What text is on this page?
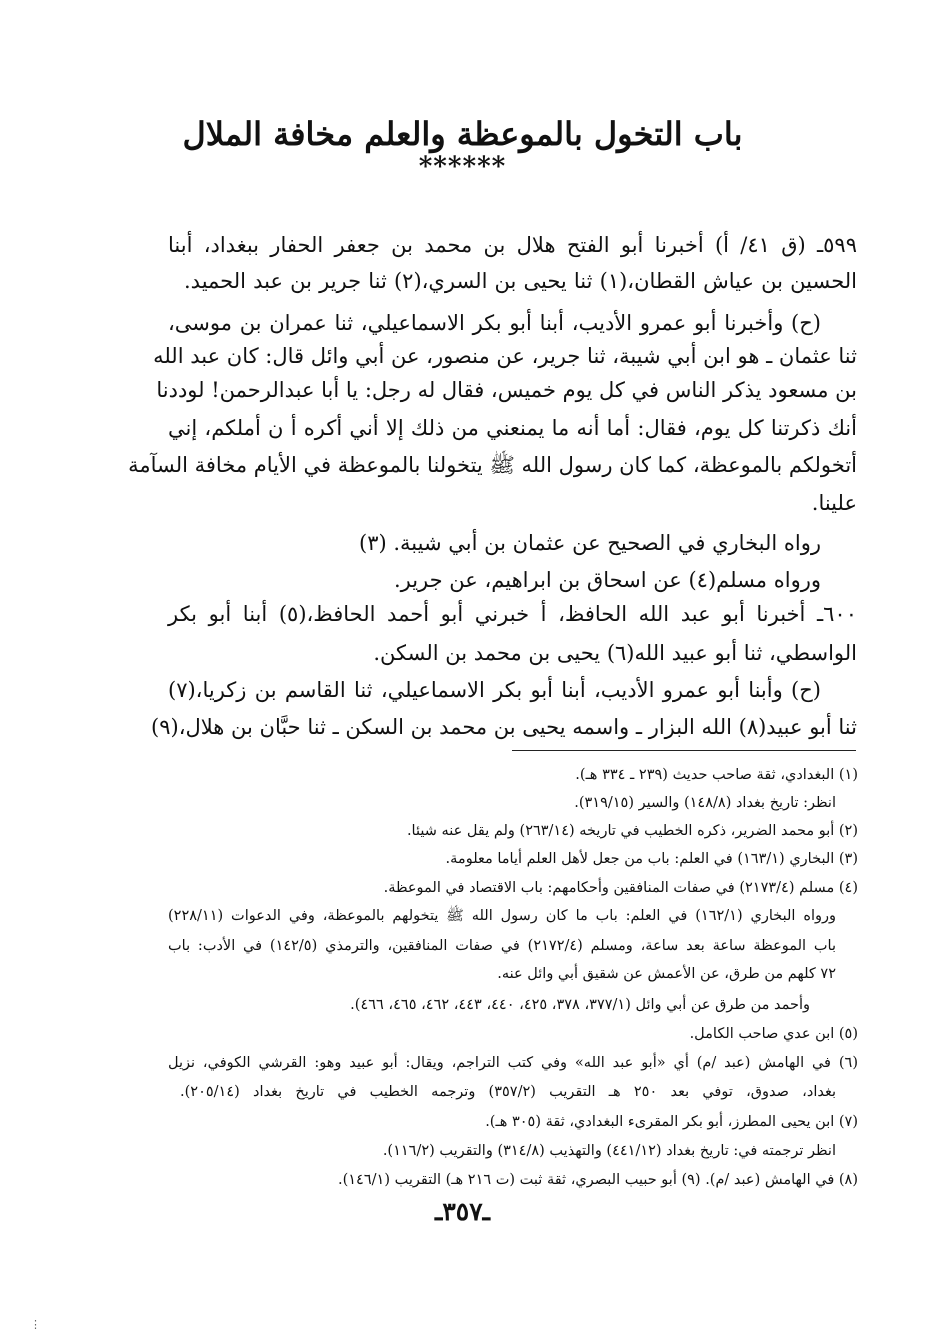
باب التخول بالموعظة والعلم مخافة الملال
******
٥٩٩ـ (ق ٤١/ أ) أخبرنا أبو الفتح هلال بن محمد بن جعفر الحفار ببغداد، أبنا
الحسين بن عياش القطان،(١) ثنا يحيى بن السري،(٢) ثنا جرير بن عبد الحميد.
(ح) وأخبرنا أبو عمرو الأديب، أبنا أبو بكر الاسماعيلي، ثنا عمران بن موسى،
ثنا عثمان ـ هو ابن أبي شيبة، ثنا جرير، عن منصور، عن أبي وائل قال: كان عبد الله
بن مسعود يذكر الناس في كل يوم خميس، فقال له رجل: يا أبا عبدالرحمن! لوددنا
أنك ذكرتنا كل يوم، فقال: أما أنه ما يمنعني من ذلك إلا أني أكره أ ن أملكم، إني
أتخولكم بالموعظة، كما كان رسول الله ﷺ يتخولنا بالموعظة في الأيام مخافة السآمة
علينا.
رواه البخاري في الصحيح عن عثمان بن أبي شيبة. (٣)
ورواه مسلم(٤) عن اسحاق بن ابراهيم، عن جرير.
٦٠٠ـ أخبرنا أبو عبد الله الحافظ، أ خبرني أبو أحمد الحافظ،(٥) أبنا أبو بكر
الواسطي، ثنا أبو عبيد الله(٦) يحيى بن محمد بن السكن.
(ح) وأبنا أبو عمرو الأديب، أبنا أبو بكر الاسماعيلي، ثنا القاسم بن زكريا،(٧)
ثنا أبو عبيد(٨) الله البزار ـ واسمه يحيى بن محمد بن السكن ـ ثنا حبَّان بن هلال،(٩)
(١) البغدادي، ثقة صاحب حديث (٢٣٩ ـ ٣٣٤ هـ).
انظر: تاريخ بغداد (١٤٨/٨) والسير (٣١٩/١٥).
(٢) أبو محمد الضرير، ذكره الخطيب في تاريخه (٢٦٣/١٤) ولم يقل عنه شيئا.
(٣) البخاري (١٦٣/١) في العلم: باب من جعل لأهل العلم أياما معلومة.
(٤) مسلم (٢١٧٣/٤) في صفات المنافقين وأحكامهم: باب الاقتصاد في الموعظة.
ورواه البخاري (١٦٢/١) في العلم: باب ما كان رسول الله ﷺ يتخولهم بالموعظة، وفي الدعوات (٢٢٨/١١)
باب الموعظة ساعة بعد ساعة، ومسلم (٢١٧٢/٤) في صفات المنافقين، والترمذي (١٤٢/٥) في الأدب: باب
٧٢ كلهم من طرق، عن الأعمش عن شقيق أبي وائل عنه.
وأحمد من طرق عن أبي وائل (٣٧٧/١، ٣٧٨، ٤٢٥، ٤٤٠، ٤٤٣، ٤٦٢، ٤٦٥، ٤٦٦).
(٥) ابن عدي صاحب الكامل.
(٦) في الهامش (عبد /م) أي «أبو عبد الله» وفي كتب التراجم، ويقال: أبو عبيد وهو: القرشي الكوفي، نزيل
بغداد، صدوق، توفي بعد ٢٥٠ هـ التقريب (٣٥٧/٢) وترجمه الخطيب في تاريخ بغداد (٢٠٥/١٤).
(٧) ابن يحيى المطرز، أبو بكر المقرىء البغدادي، ثقة (٣٠٥ هـ).
انظر ترجمته في: تاريخ بغداد (٤٤١/١٢) والتهذيب (٣١٤/٨) والتقريب (١١٦/٢).
(٨) في الهامش (عبد /م). (٩) أبو حبيب البصري، ثقة ثبت (ت ٢١٦ هـ) التقريب (١٤٦/١).
ـ٣٥٧ـ
⋮
